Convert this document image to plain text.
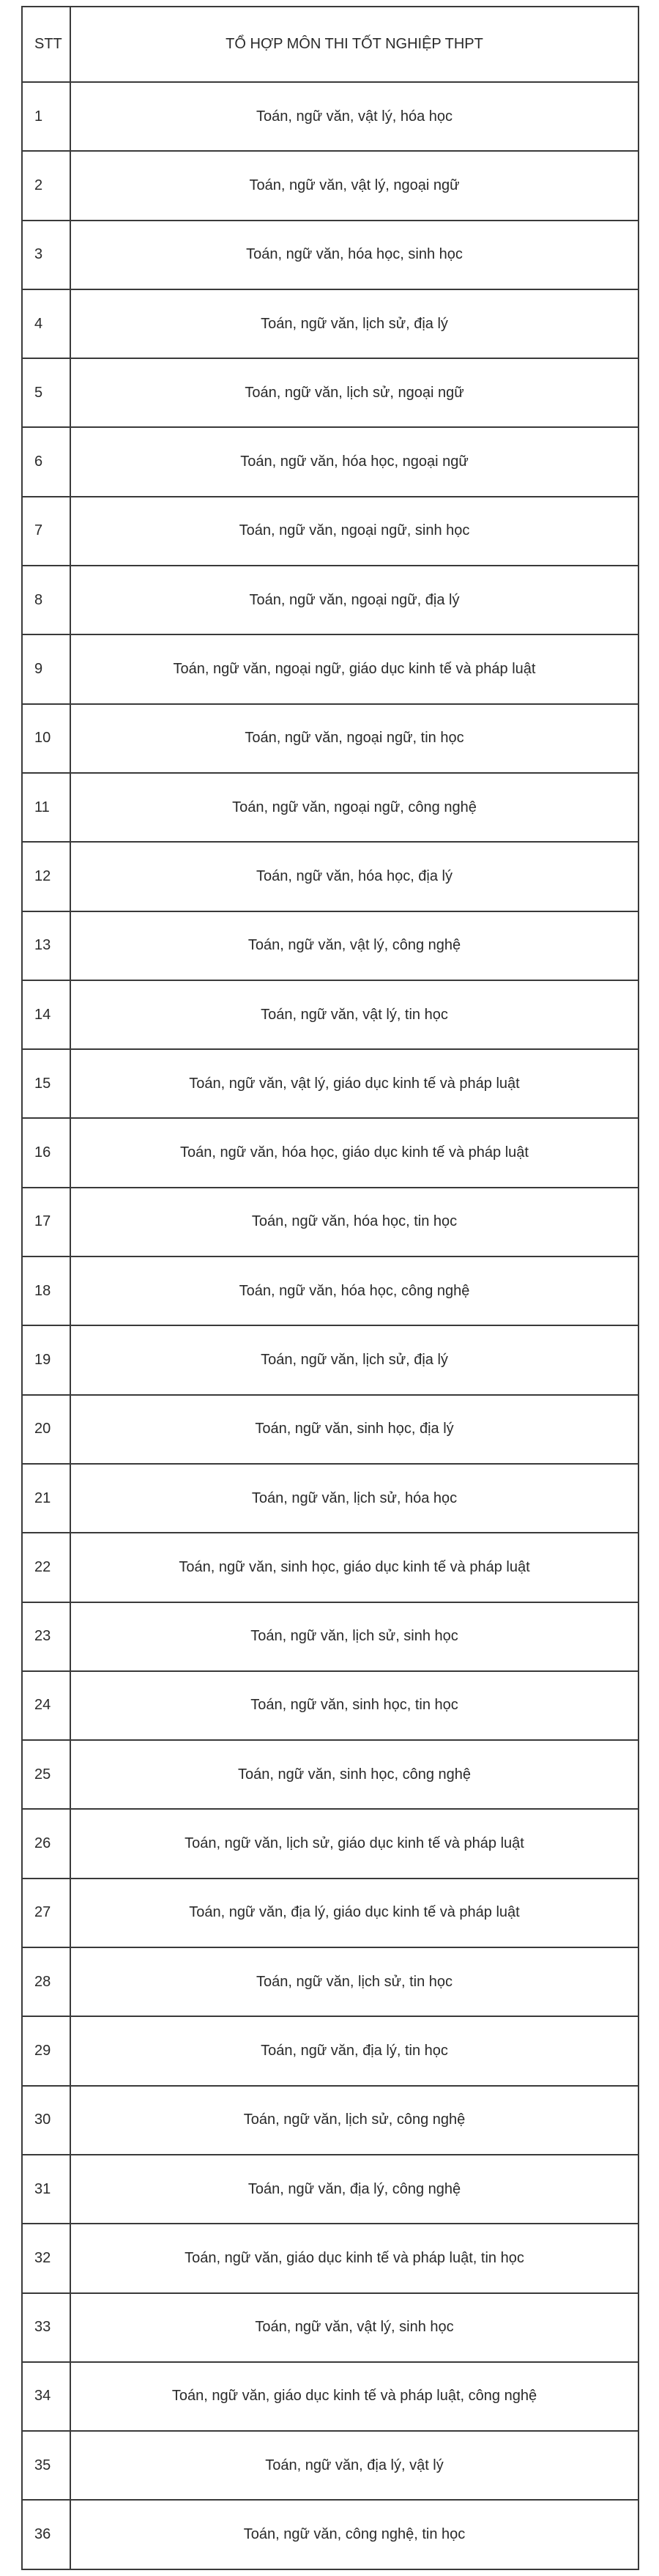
STT	TỔ HỢP MÔN THI TỐT NGHIỆP THPT
1	Toán, ngữ văn, vật lý, hóa học
2	Toán, ngữ văn, vật lý, ngoại ngữ
3	Toán, ngữ văn, hóa học, sinh học
4	Toán, ngữ văn, lịch sử, địa lý
5	Toán, ngữ văn, lịch sử, ngoại ngữ
6	Toán, ngữ văn, hóa học, ngoại ngữ
7	Toán, ngữ văn, ngoại ngữ, sinh học
8	Toán, ngữ văn, ngoại ngữ, địa lý
9	Toán, ngữ văn, ngoại ngữ, giáo dục kinh tế và pháp luật
10	Toán, ngữ văn, ngoại ngữ, tin học
11	Toán, ngữ văn, ngoại ngữ, công nghệ
12	Toán, ngữ văn, hóa học, địa lý
13	Toán, ngữ văn, vật lý, công nghệ
14	Toán, ngữ văn, vật lý, tin học
15	Toán, ngữ văn, vật lý, giáo dục kinh tế và pháp luật
16	Toán, ngữ văn, hóa học, giáo dục kinh tế và pháp luật
17	Toán, ngữ văn, hóa học, tin học
18	Toán, ngữ văn, hóa học, công nghệ
19	Toán, ngữ văn, lịch sử, địa lý
20	Toán, ngữ văn, sinh học, địa lý
21	Toán, ngữ văn, lịch sử, hóa học
22	Toán, ngữ văn, sinh học, giáo dục kinh tế và pháp luật
23	Toán, ngữ văn, lịch sử, sinh học
24	Toán, ngữ văn, sinh học, tin học
25	Toán, ngữ văn, sinh học, công nghệ
26	Toán, ngữ văn, lịch sử, giáo dục kinh tế và pháp luật
27	Toán, ngữ văn, địa lý, giáo dục kinh tế và pháp luật
28	Toán, ngữ văn, lịch sử, tin học
29	Toán, ngữ văn, địa lý, tin học
30	Toán, ngữ văn, lịch sử, công nghệ
31	Toán, ngữ văn, địa lý, công nghệ
32	Toán, ngữ văn, giáo dục kinh tế và pháp luật, tin học
33	Toán, ngữ văn, vật lý, sinh học
34	Toán, ngữ văn, giáo dục kinh tế và pháp luật, công nghệ
35	Toán, ngữ văn, địa lý, vật lý
36	Toán, ngữ văn, công nghệ, tin học
